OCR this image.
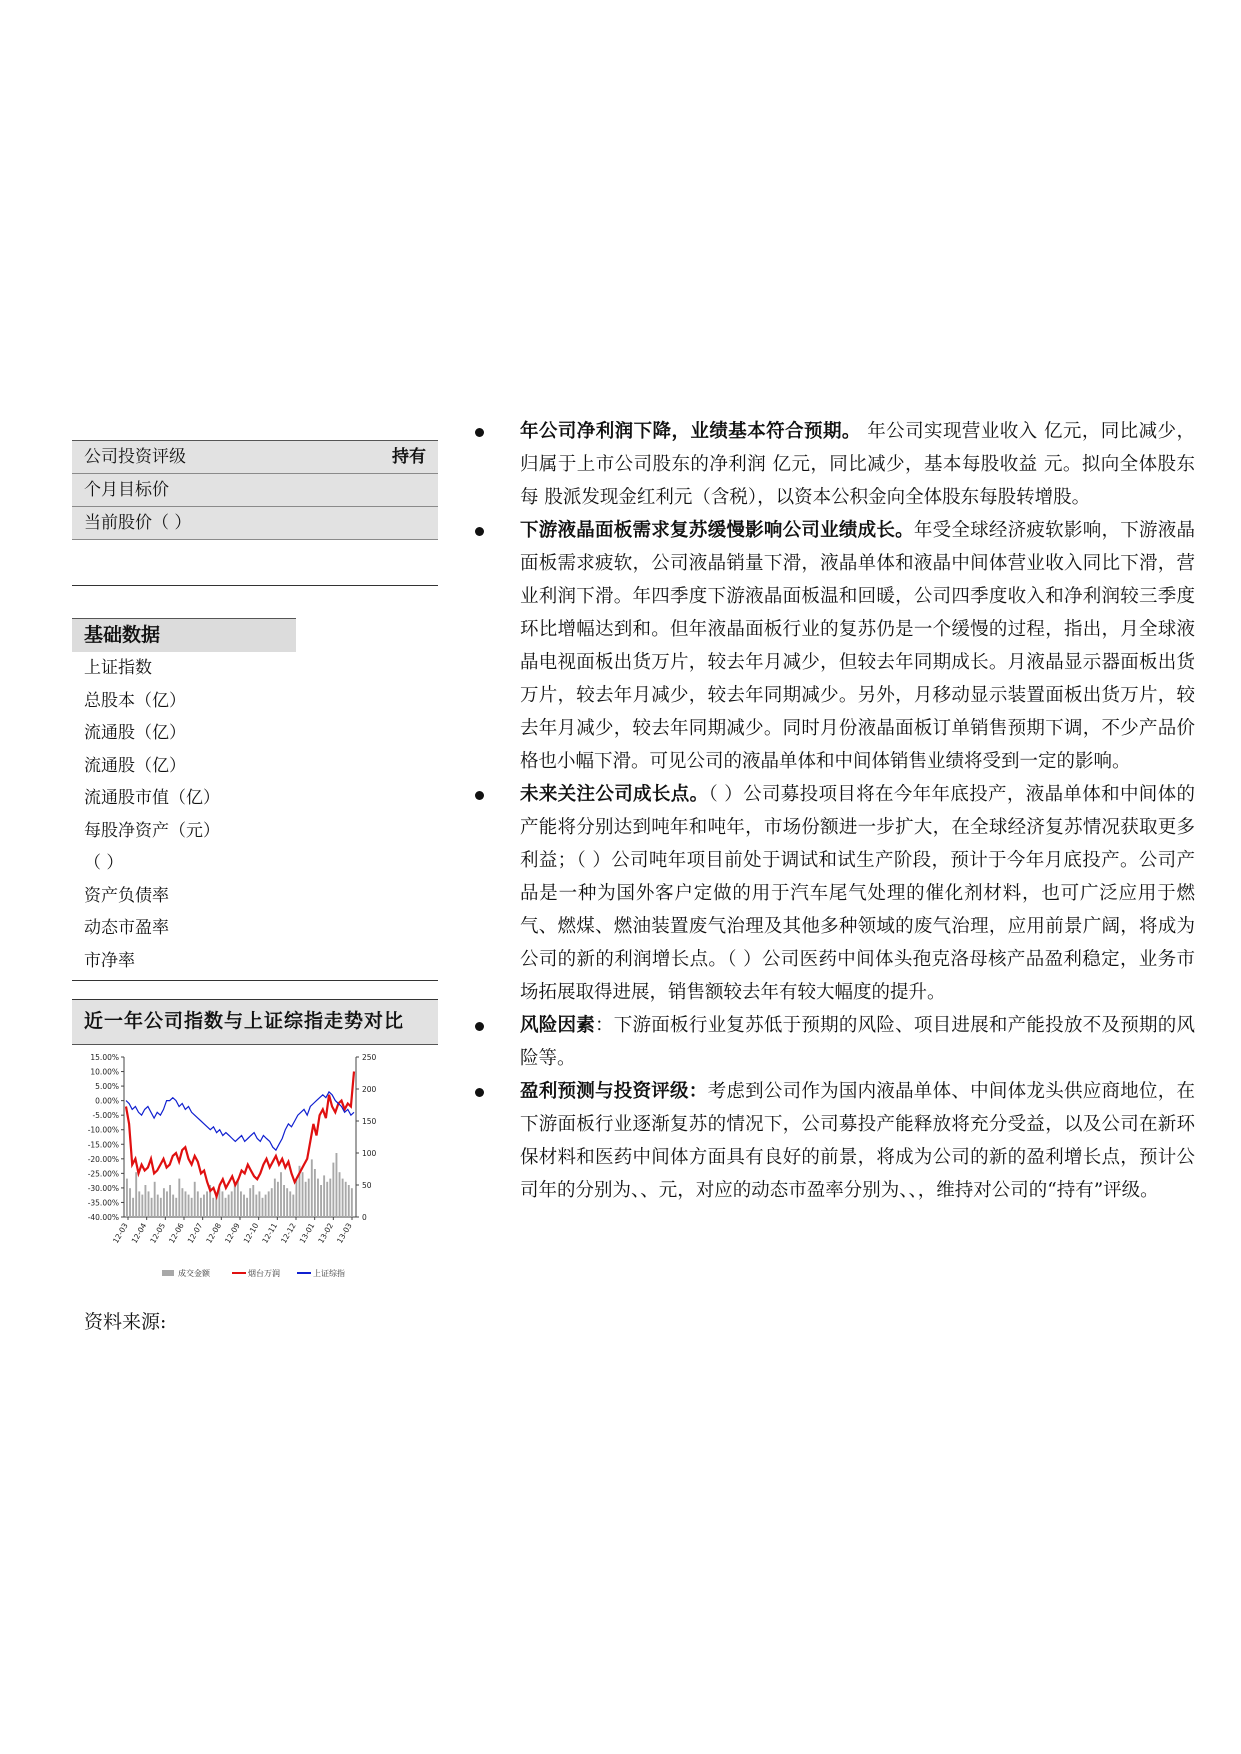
公司投资评级	持有
个月目标价
当前股价（ ）
基础数据
上证指数
总股本（亿）
流通股（亿）
流通股（亿）
流通股市值（亿）
每股净资产（元）
（ ）
资产负债率
动态市盈率
市净率
近一年公司指数与上证综指走势对比
15.00%
10.00%
5.00%
0.00%
-5.00%
-10.00%
-15.00%
-20.00%
-25.00%
-30.00%
-35.00%
-40.00%
250
200
150
100
50
0
12-03 12-04 12-05 12-06 12-07 12-08 12-09 12-10 12-11 12-12 13-01 13-02 13-03
成交金额	烟台万润	上证综指
资料来源:
年公司净利润下降，业绩基本符合预期。 年公司实现营业收入 亿元，同比减少，归属于上市公司股东的净利润 亿元，同比减少，基本每股收益 元。拟向全体股东每 股派发现金红利元（含税），以资本公积金向全体股东每股转增股。
下游液晶面板需求复苏缓慢影响公司业绩成长。年受全球经济疲软影响，下游液晶面板需求疲软，公司液晶销量下滑，液晶单体和液晶中间体营业收入同比下滑，营业利润下滑。年四季度下游液晶面板温和回暖，公司四季度收入和净利润较三季度环比增幅达到和。但年液晶面板行业的复苏仍是一个缓慢的过程，指出，月全球液晶电视面板出货万片，较去年月减少，但较去年同期成长。月液晶显示器面板出货万片，较去年月减少，较去年同期减少。另外，月移动显示装置面板出货万片，较去年月减少，较去年同期减少。同时月份液晶面板订单销售预期下调，不少产品价格也小幅下滑。可见公司的液晶单体和中间体销售业绩将受到一定的影响。
未来关注公司成长点。（ ）公司募投项目将在今年年底投产，液晶单体和中间体的产能将分别达到吨年和吨年，市场份额进一步扩大，在全球经济复苏情况获取更多利益；（ ）公司吨年项目前处于调试和试生产阶段，预计于今年月底投产。公司产品是一种为国外客户定做的用于汽车尾气处理的催化剂材料，也可广泛应用于燃气、燃煤、燃油装置废气治理及其他多种领域的废气治理，应用前景广阔，将成为公司的新的利润增长点。（ ）公司医药中间体头孢克洛母核产品盈利稳定，业务市场拓展取得进展，销售额较去年有较大幅度的提升。
风险因素：下游面板行业复苏低于预期的风险、项目进展和产能投放不及预期的风险等。
盈利预测与投资评级：考虑到公司作为国内液晶单体、中间体龙头供应商地位，在下游面板行业逐渐复苏的情况下，公司募投产能释放将充分受益，以及公司在新环保材料和医药中间体方面具有良好的前景，将成为公司的新的盈利增长点，预计公司年的分别为、、元，对应的动态市盈率分别为、、，维持对公司的“持有”评级。
